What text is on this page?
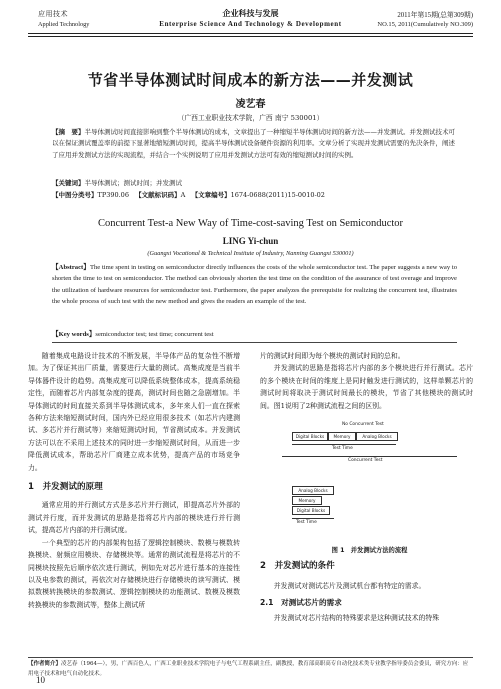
应用技术
Applied Technology
企业科技与发展
Enterprise Science And Technology & Development
2011年第15期(总第309期)
NO.15, 2011(Cumulatively NO.309)
节省半导体测试时间成本的新方法——并发测试
凌艺春
（广西工业职业技术学院，广西 南宁 530001）
【摘　要】半导体测试时间直接影响到整个半导体测试的成本，文章提出了一种缩短半导体测试时间的新方法——并发测试。并发测试技术可以在保证测试覆盖率的前提下显著地缩短测试时间，提高半导体测试设备硬件资源的利用率。文章分析了实现并发测试需要的先决条件，阐述了应用并发测试方法的实现流程，并结合一个实例说明了应用并发测试方法可有效的缩短测试时间的实例。
【关键词】半导体测试；测试时间；并发测试
【中图分类号】TP390.06 【文献标识码】A 【文章编号】1674-0688(2011)15-0010-02
Concurrent Test-a New Way of Time-cost-saving Test on Semiconductor
LING Yi-chun
(Guangxi Vocational & Technical Institute of Industry, Nanning Guangxi 530001)
【Abstract】The time spent in testing on semiconductor directly influences the costs of the whole semiconductor test. The paper suggests a new way to shorten the time to test on semiconductor. The method can obviously shorten the test time on the condition of the assurance of test overage and improve the utilization of hardware resources for semiconductor test. Furthermore, the paper analyzes the prerequisite for realizing the concurrent test, illustrates the whole process of such test with the new method and gives the readers an example of the test.
【Key words】semiconductor test; test time; concurrent test

随着集成电路设计技术的不断发展，半导体产品的复杂性不断增加。为了保证其出厂质量，需要进行大量的测试。高集成度是当前半导体器件设计的趋势。高集成度可以降低系统整体成本，提高系统稳定性，而随着芯片内部复杂度的提高，测试时间也随之急剧增加。半导体测试的时间直接关系到半导体测试成本，多年来人们一直在探索各种方法来缩短测试时间，国内外已经应用很多技术（如芯片内建测试、多芯片并行测试等）来缩短测试时间，节省测试成本。并发测试方法可以在不采用上述技术的同时进一步缩短测试时间，从而进一步降低测试成本，帮助芯片厂商建立成本优势，提高产品的市场竞争力。

1　并发测试的原理

通常应用的并行测试方式是多芯片并行测试，即提高芯片外部的测试并行度，而并发测试的思路是指将芯片内部的模块进行并行测试，提高芯片内部的并行测试度。

一个典型的芯片的内部架构包括了逻辑控制模块、数模与模数转换模块、射频应用模块、存储模块等。通常的测试流程是将芯片的不同模块按照先后顺序依次进行测试，例如先对芯片进行基本的连接性以及电参数的测试，再依次对存储模块进行存储模块的读写测试、模拟数模转换模块的参数测试、逻辑控制模块的功能测试、数模及模数转换模块的参数测试等，整体上测试所

片的测试时间即为每个模块的测试时间的总和。

并发测试的思路是指将芯片内部的多个模块进行并行测试。芯片的多个模块在时间的维度上是同时触发进行测试的，这样单颗芯片的测试时间将取决于测试时间最长的模块，节省了其他模块的测试时间。图1说明了2种测试流程之间的区别。

No Concurrent Test
Digital Blocks	Memory	Analog Blocks
Test Time
Concurrent Test
Analog Blocks
Memory
Digital Blocks
Test Time
图 1　并发测试方法的流程
2　并发测试的条件

并发测试对测试芯片及测试机台都有特定的需求。

2.1　对测试芯片的需求

并发测试对芯片结构的特殊要求是这种测试技术的特殊

【作者简介】凌艺春（1964—），男，广西百色人，广西工业职业技术学院电子与电气工程系副主任，副教授，教育部高职高专自动化技术类专业教学指导委员会委员，研究方向：应用电子技术和电气自动化技术。
10
